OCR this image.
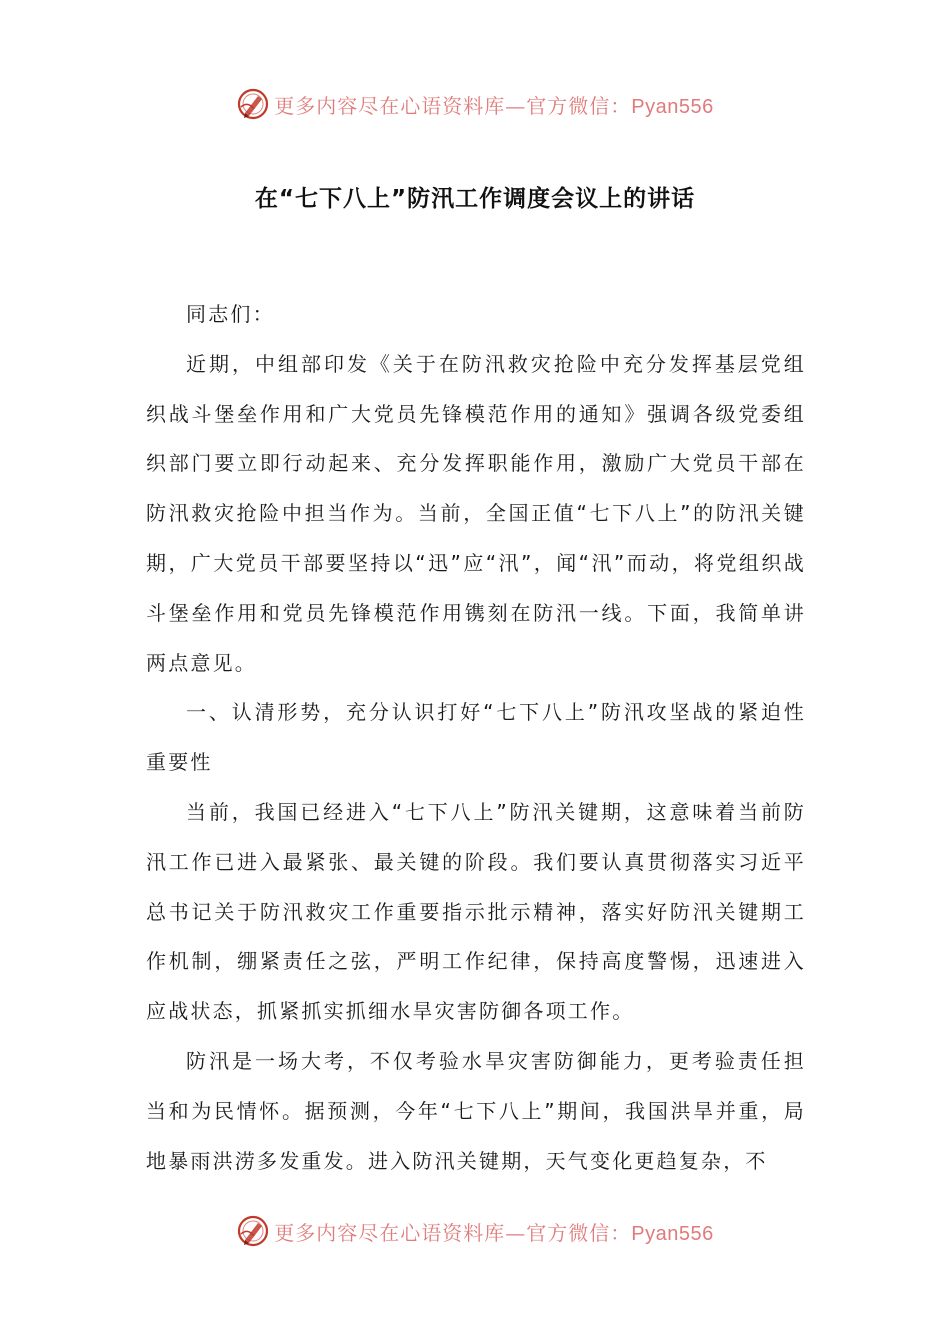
更多内容尽在心语资料库—官方微信：Pyan556
在“七下八上”防汛工作调度会议上的讲话

同志们：

近期，中组部印发《关于在防汛救灾抢险中充分发挥基层党组织战斗堡垒作用和广大党员先锋模范作用的通知》强调各级党委组织部门要立即行动起来、充分发挥职能作用，激励广大党员干部在防汛救灾抢险中担当作为。当前，全国正值“七下八上”的防汛关键期，广大党员干部要坚持以“迅”应“汛”，闻“汛”而动，将党组织战斗堡垒作用和党员先锋模范作用镌刻在防汛一线。下面，我简单讲两点意见。

一、认清形势，充分认识打好“七下八上”防汛攻坚战的紧迫性重要性

当前，我国已经进入“七下八上”防汛关键期，这意味着当前防汛工作已进入最紧张、最关键的阶段。我们要认真贯彻落实习近平总书记关于防汛救灾工作重要指示批示精神，落实好防汛关键期工作机制，绷紧责任之弦，严明工作纪律，保持高度警惕，迅速进入应战状态，抓紧抓实抓细水旱灾害防御各项工作。

防汛是一场大考，不仅考验水旱灾害防御能力，更考验责任担当和为民情怀。据预测，今年“七下八上”期间，我国洪旱并重，局地暴雨洪涝多发重发。进入防汛关键期，天气变化更趋复杂，不

更多内容尽在心语资料库—官方微信：Pyan556
